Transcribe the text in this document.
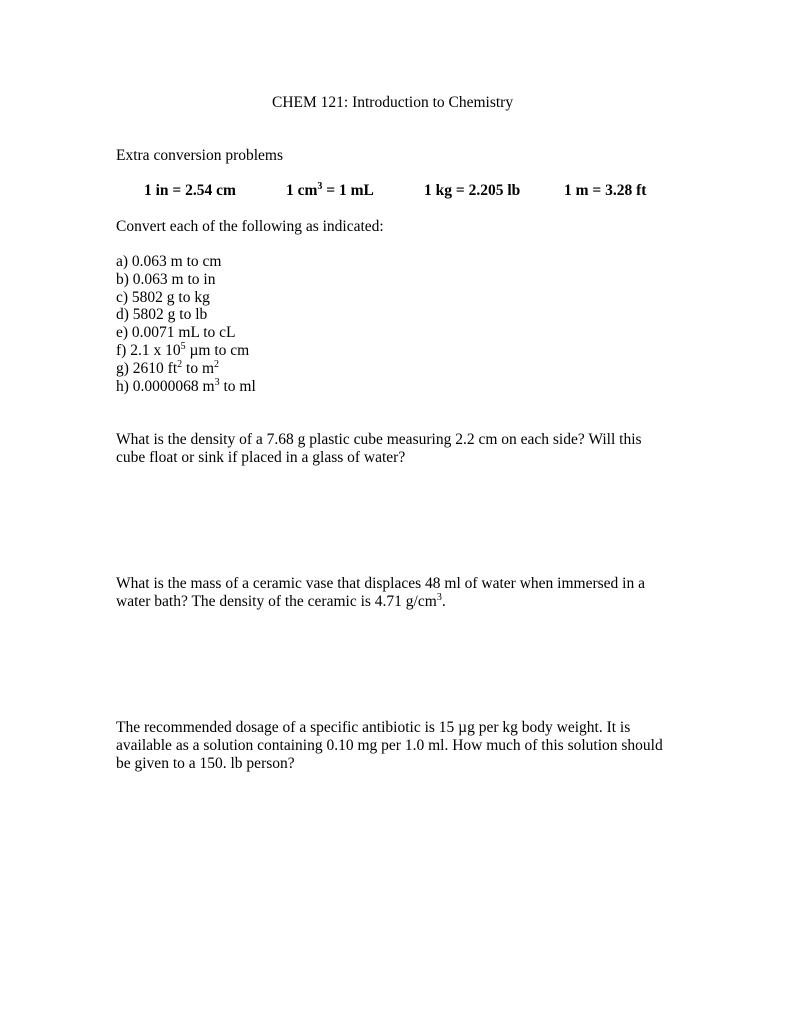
CHEM 121: Introduction to Chemistry
Extra conversion problems
1 in = 2.54 cm	1 $cm^3 = 1$ mL	1 kg = 2.205 lb	1 m = 3.28 ft
Convert each of the following as indicated:
a) 0.063 m to cm
b) 0.063 m to in
c) 5802 g to kg
d) 5802 g to lb
e) 0.0071 mL to cL
f) 2.1 x $10^5$ µm to cm
g) 2610 $ft^2$ to $m^2$
h) 0.0000068 $m^3$ to ml
What is the density of a 7.68 g plastic cube measuring 2.2 cm on each side? Will this
cube float or sink if placed in a glass of water?
What is the mass of a ceramic vase that displaces 48 ml of water when immersed in a
water bath? The density of the ceramic is 4.71 $g/cm^3$.
The recommended dosage of a specific antibiotic is 15 µg per kg body weight. It is
available as a solution containing 0.10 mg per 1.0 ml. How much of this solution should
be given to a 150. lb person?
